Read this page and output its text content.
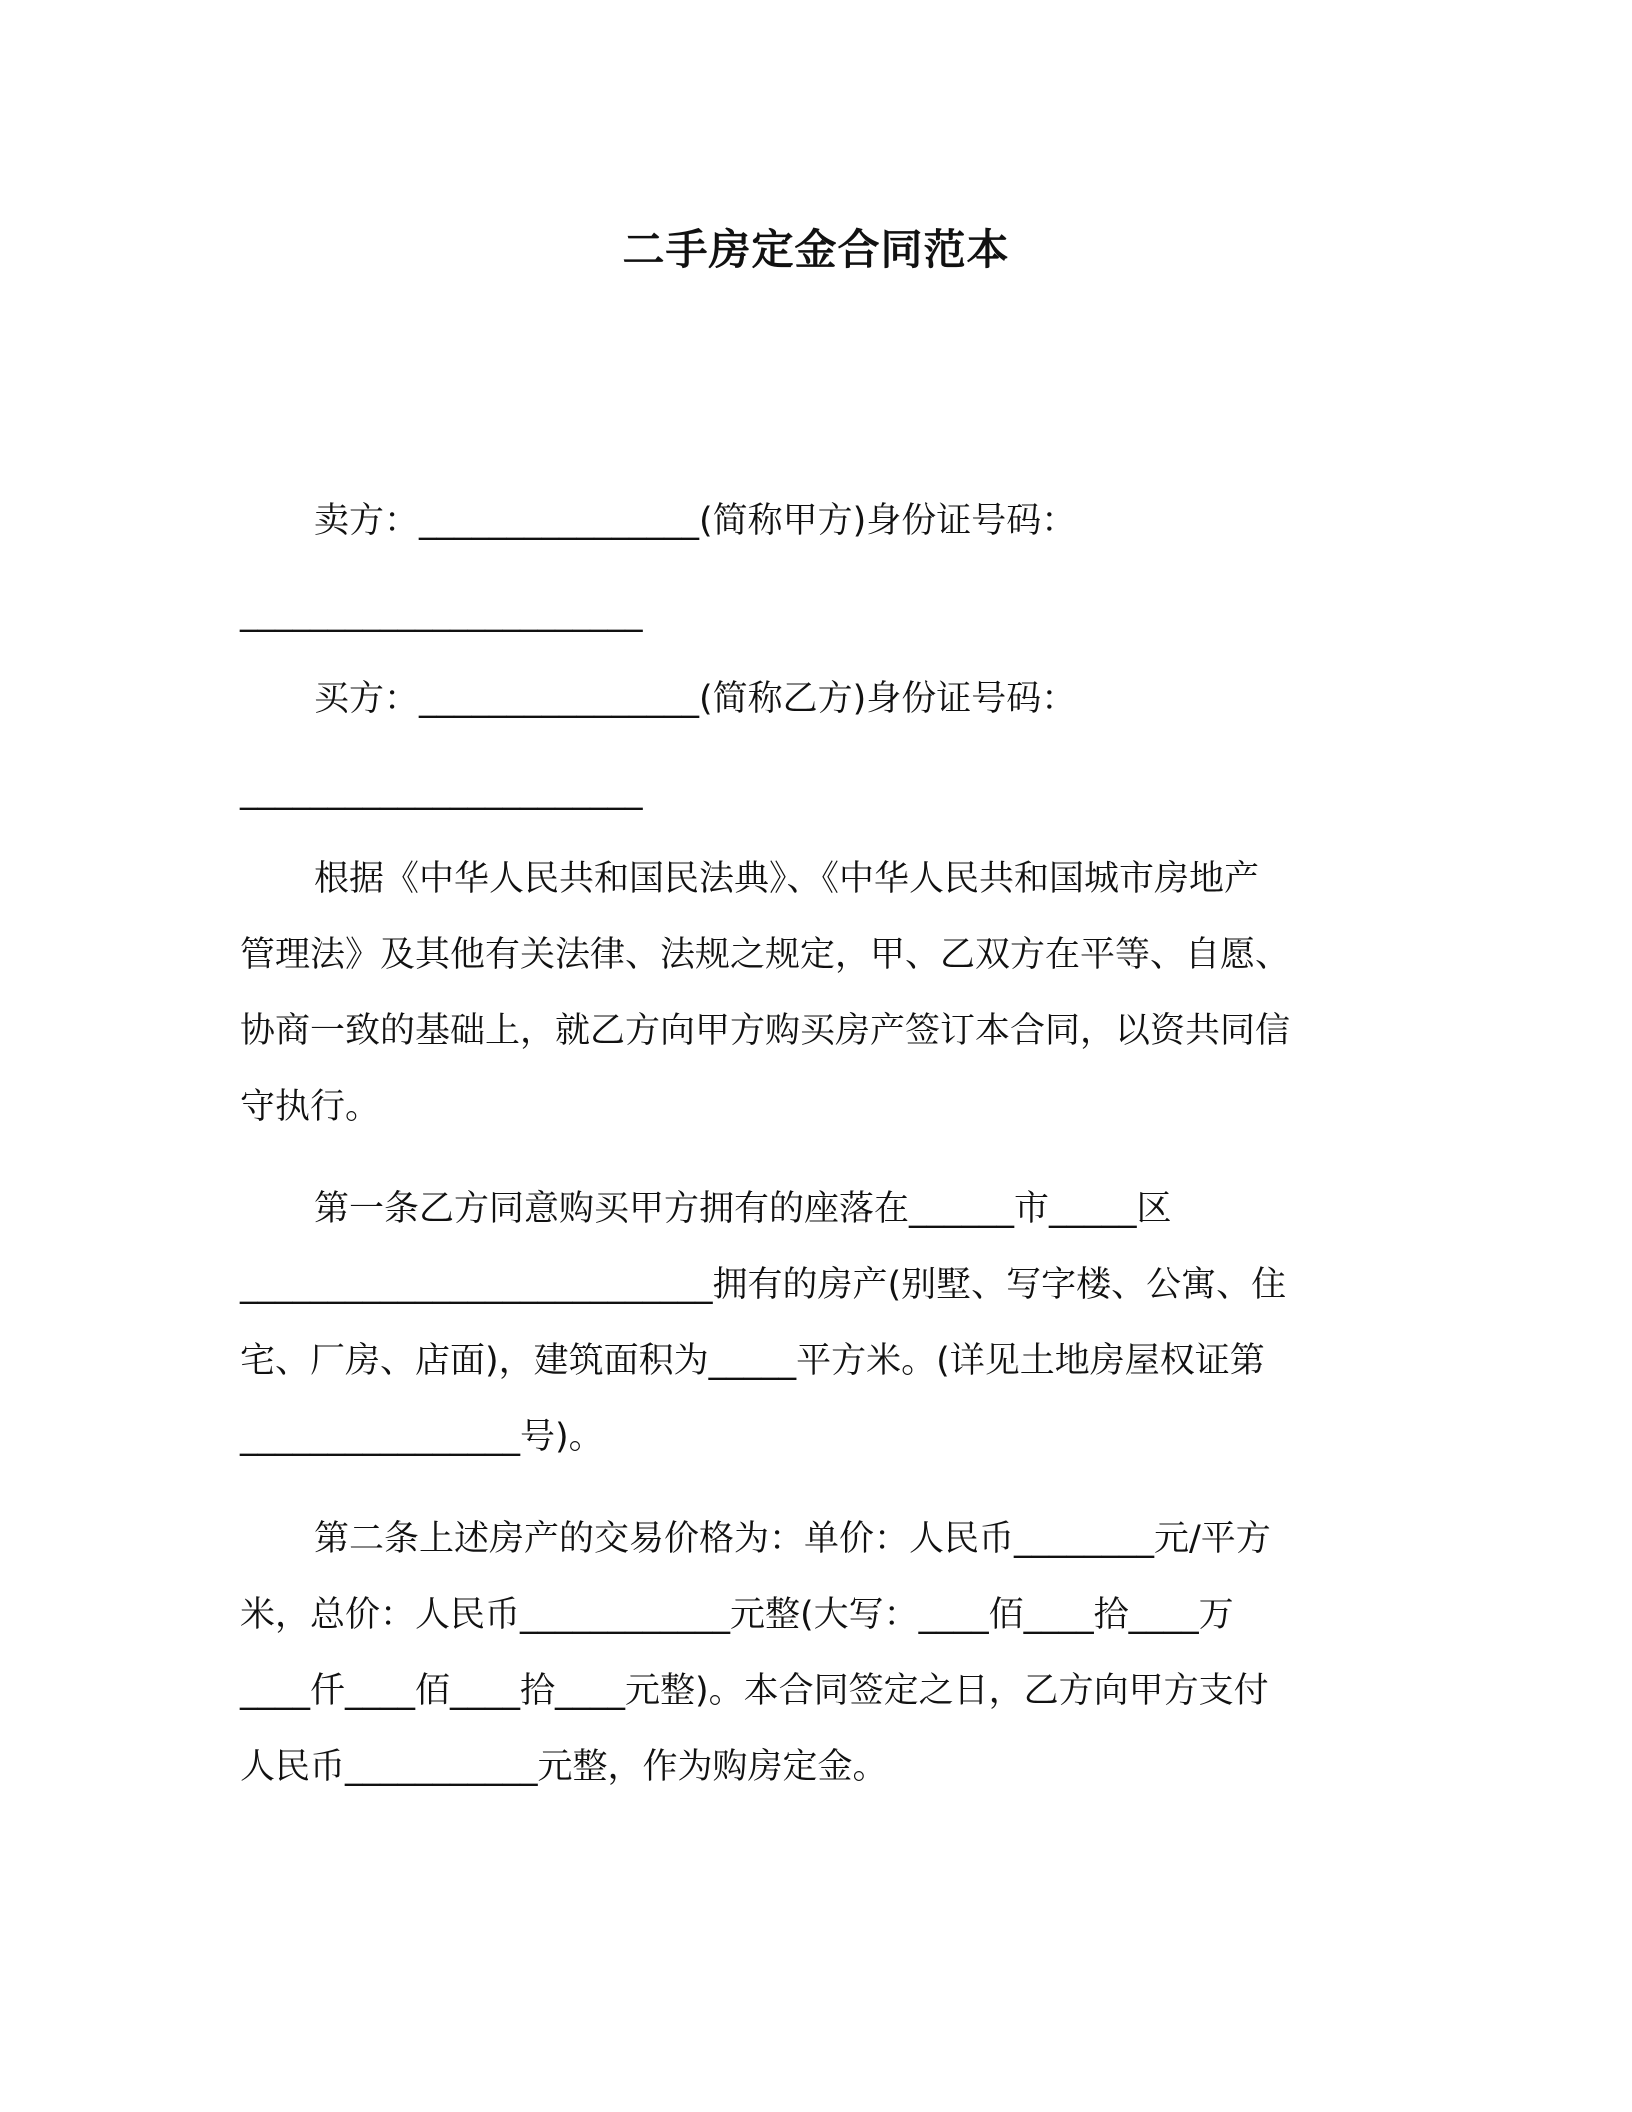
二手房定金合同范本
卖方：________________(简称甲方)身份证号码：
_______________________
买方：________________(简称乙方)身份证号码：
_______________________
根据《中华人民共和国民法典》、《中华人民共和国城市房地产
管理法》及其他有关法律、法规之规定，甲、乙双方在平等、自愿、
协商一致的基础上，就乙方向甲方购买房产签订本合同，以资共同信
守执行。
第一条乙方同意购买甲方拥有的座落在______市_____区
___________________________拥有的房产(别墅、写字楼、公寓、住
宅、厂房、店面)，建筑面积为_____平方米。(详见土地房屋权证第
________________号)。
第二条上述房产的交易价格为：单价：人民币________元/平方
米，总价：人民币____________元整(大写：____佰____拾____万
____仟____佰____拾____元整)。本合同签定之日，乙方向甲方支付
人民币___________元整，作为购房定金。
